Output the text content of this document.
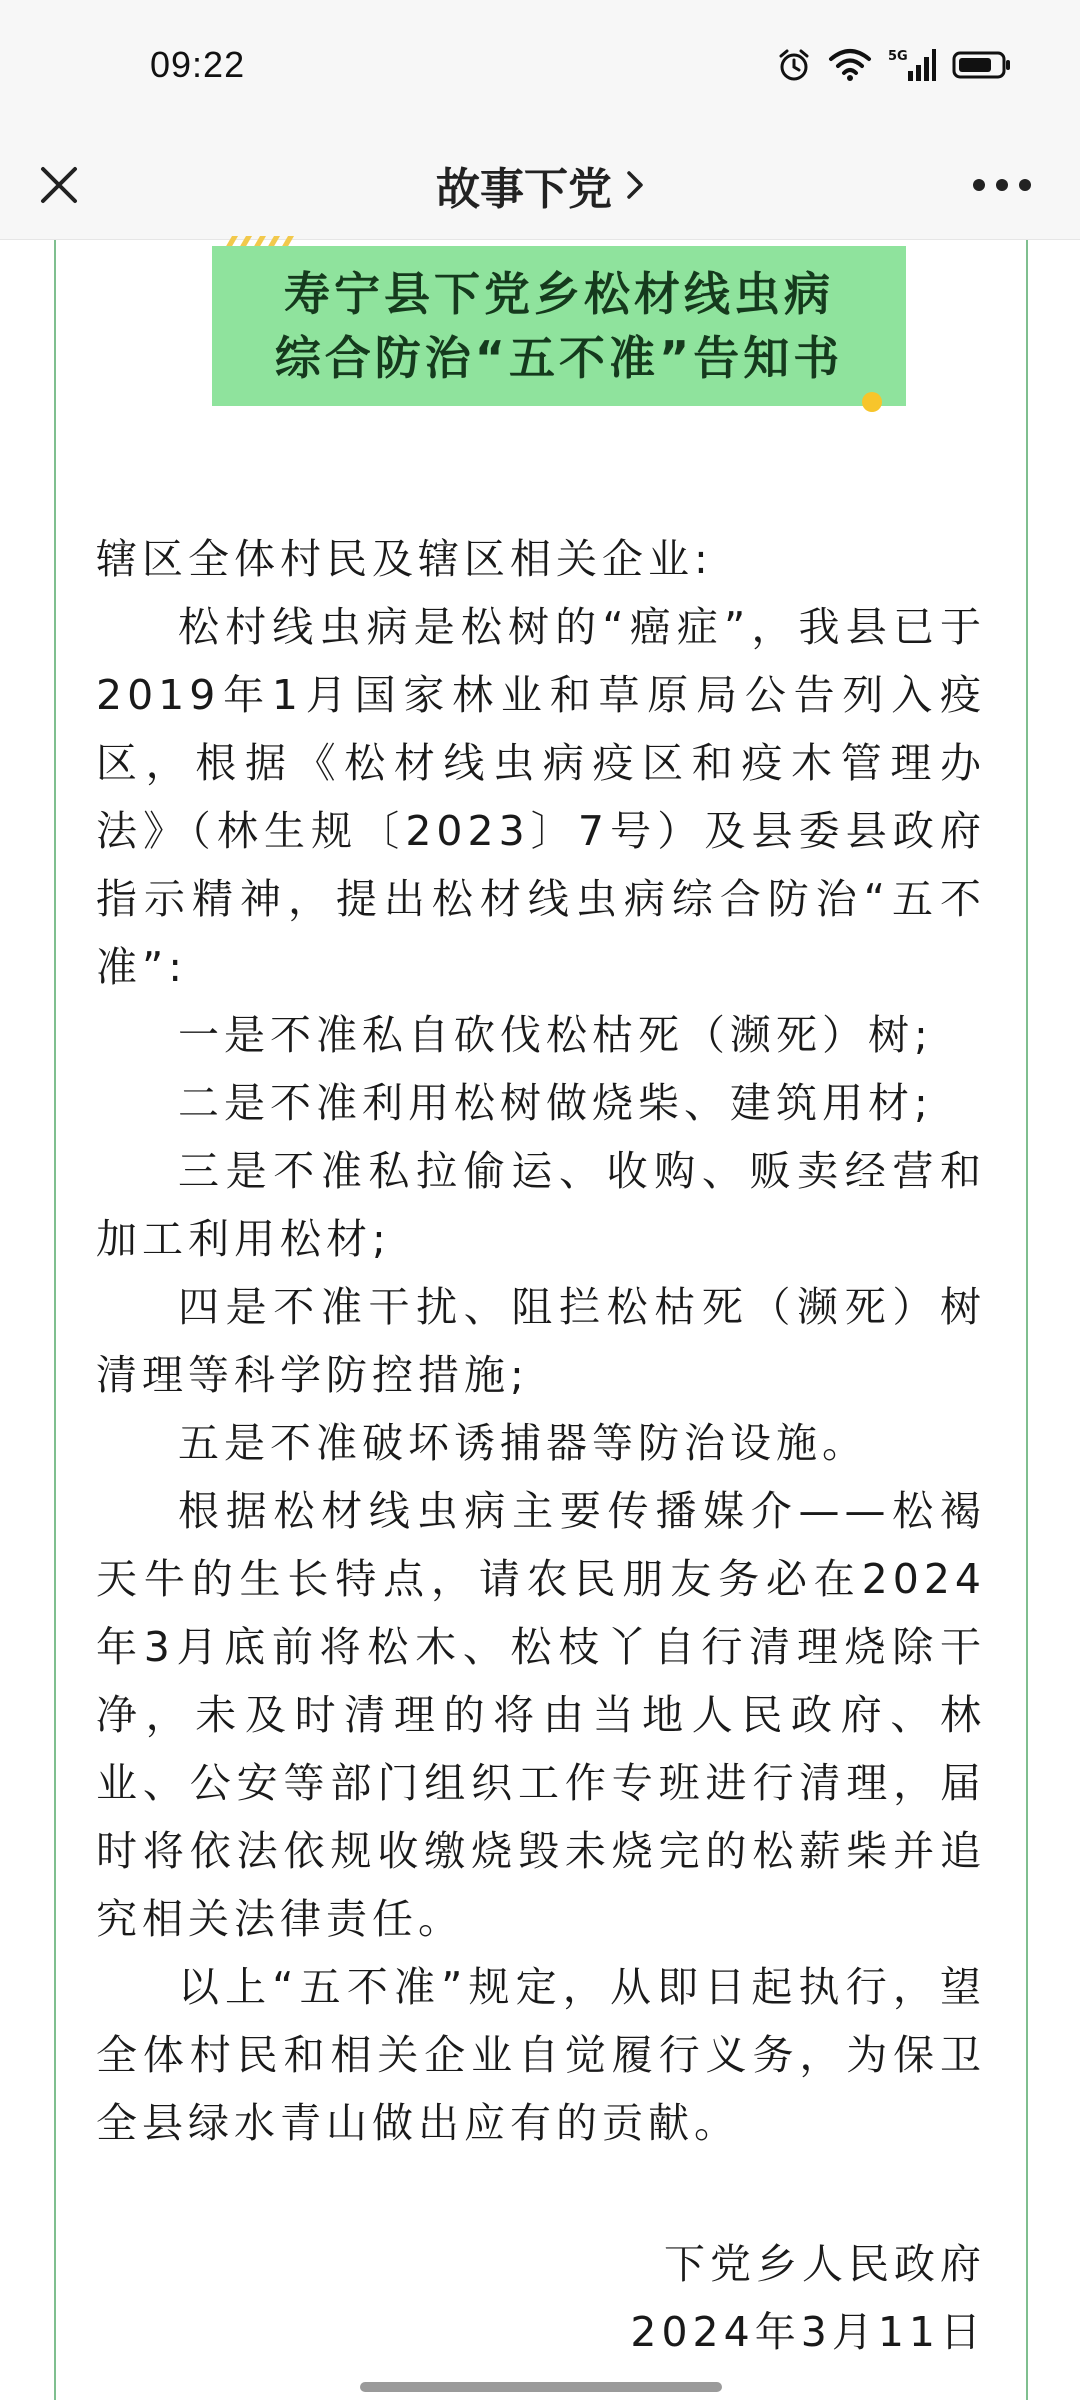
09:22	5G
故事下党
寿宁县下党乡松材线虫病
综合防治“五不准”告知书

辖区全体村民及辖区相关企业:

松村线虫病是松树的“癌症”，我县已于2019年1月国家林业和草原局公告列入疫区，根据《松材线虫病疫区和疫木管理办法》（林生规〔2023〕7号）及县委县政府指示精神，提出松材线虫病综合防治“五不准”:

一是不准私自砍伐松枯死（濒死）树;

二是不准利用松树做烧柴、建筑用材;

三是不准私拉偷运、收购、贩卖经营和加工利用松材;

四是不准干扰、阻拦松枯死（濒死）树清理等科学防控措施;

五是不准破坏诱捕器等防治设施。

根据松材线虫病主要传播媒介——松褐天牛的生长特点，请农民朋友务必在2024年3月底前将松木、松枝丫自行清理烧除干净，未及时清理的将由当地人民政府、林业、公安等部门组织工作专班进行清理，届时将依法依规收缴烧毁未烧完的松薪柴并追究相关法律责任。

以上“五不准”规定，从即日起执行，望全体村民和相关企业自觉履行义务，为保卫全县绿水青山做出应有的贡献。

下党乡人民政府
2024年3月11日
